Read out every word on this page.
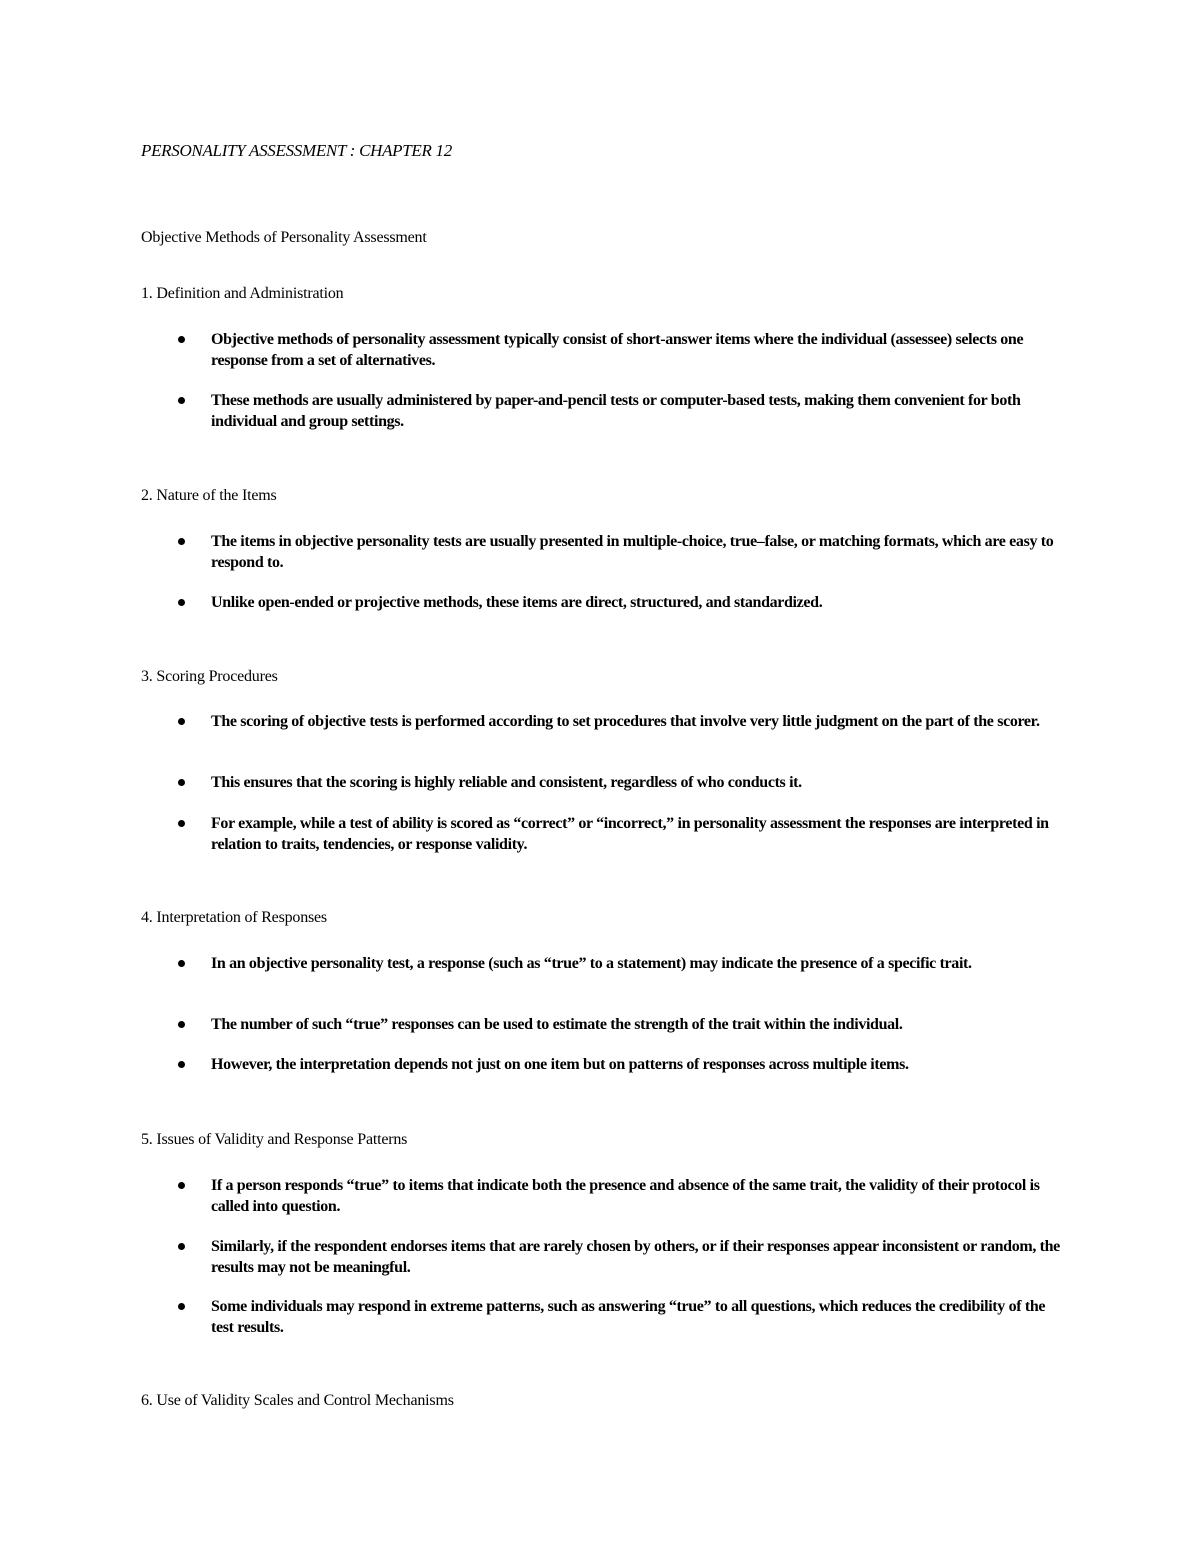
PERSONALITY ASSESSMENT : CHAPTER 12
Objective Methods of Personality Assessment
1. Definition and Administration
Objective methods of personality assessment typically consist of short-answer items where the individual (assessee) selects one response from a set of alternatives.
These methods are usually administered by paper-and-pencil tests or computer-based tests, making them convenient for both individual and group settings.
2. Nature of the Items
The items in objective personality tests are usually presented in multiple-choice, true–false, or matching formats, which are easy to respond to.
Unlike open-ended or projective methods, these items are direct, structured, and standardized.
3. Scoring Procedures
The scoring of objective tests is performed according to set procedures that involve very little judgment on the part of the scorer.
This ensures that the scoring is highly reliable and consistent, regardless of who conducts it.
For example, while a test of ability is scored as “correct” or “incorrect,” in personality assessment the responses are interpreted in relation to traits, tendencies, or response validity.
4. Interpretation of Responses
In an objective personality test, a response (such as “true” to a statement) may indicate the presence of a specific trait.
The number of such “true” responses can be used to estimate the strength of the trait within the individual.
However, the interpretation depends not just on one item but on patterns of responses across multiple items.
5. Issues of Validity and Response Patterns
If a person responds “true” to items that indicate both the presence and absence of the same trait, the validity of their protocol is called into question.
Similarly, if the respondent endorses items that are rarely chosen by others, or if their responses appear inconsistent or random, the results may not be meaningful.
Some individuals may respond in extreme patterns, such as answering “true” to all questions, which reduces the credibility of the test results.
6. Use of Validity Scales and Control Mechanisms
